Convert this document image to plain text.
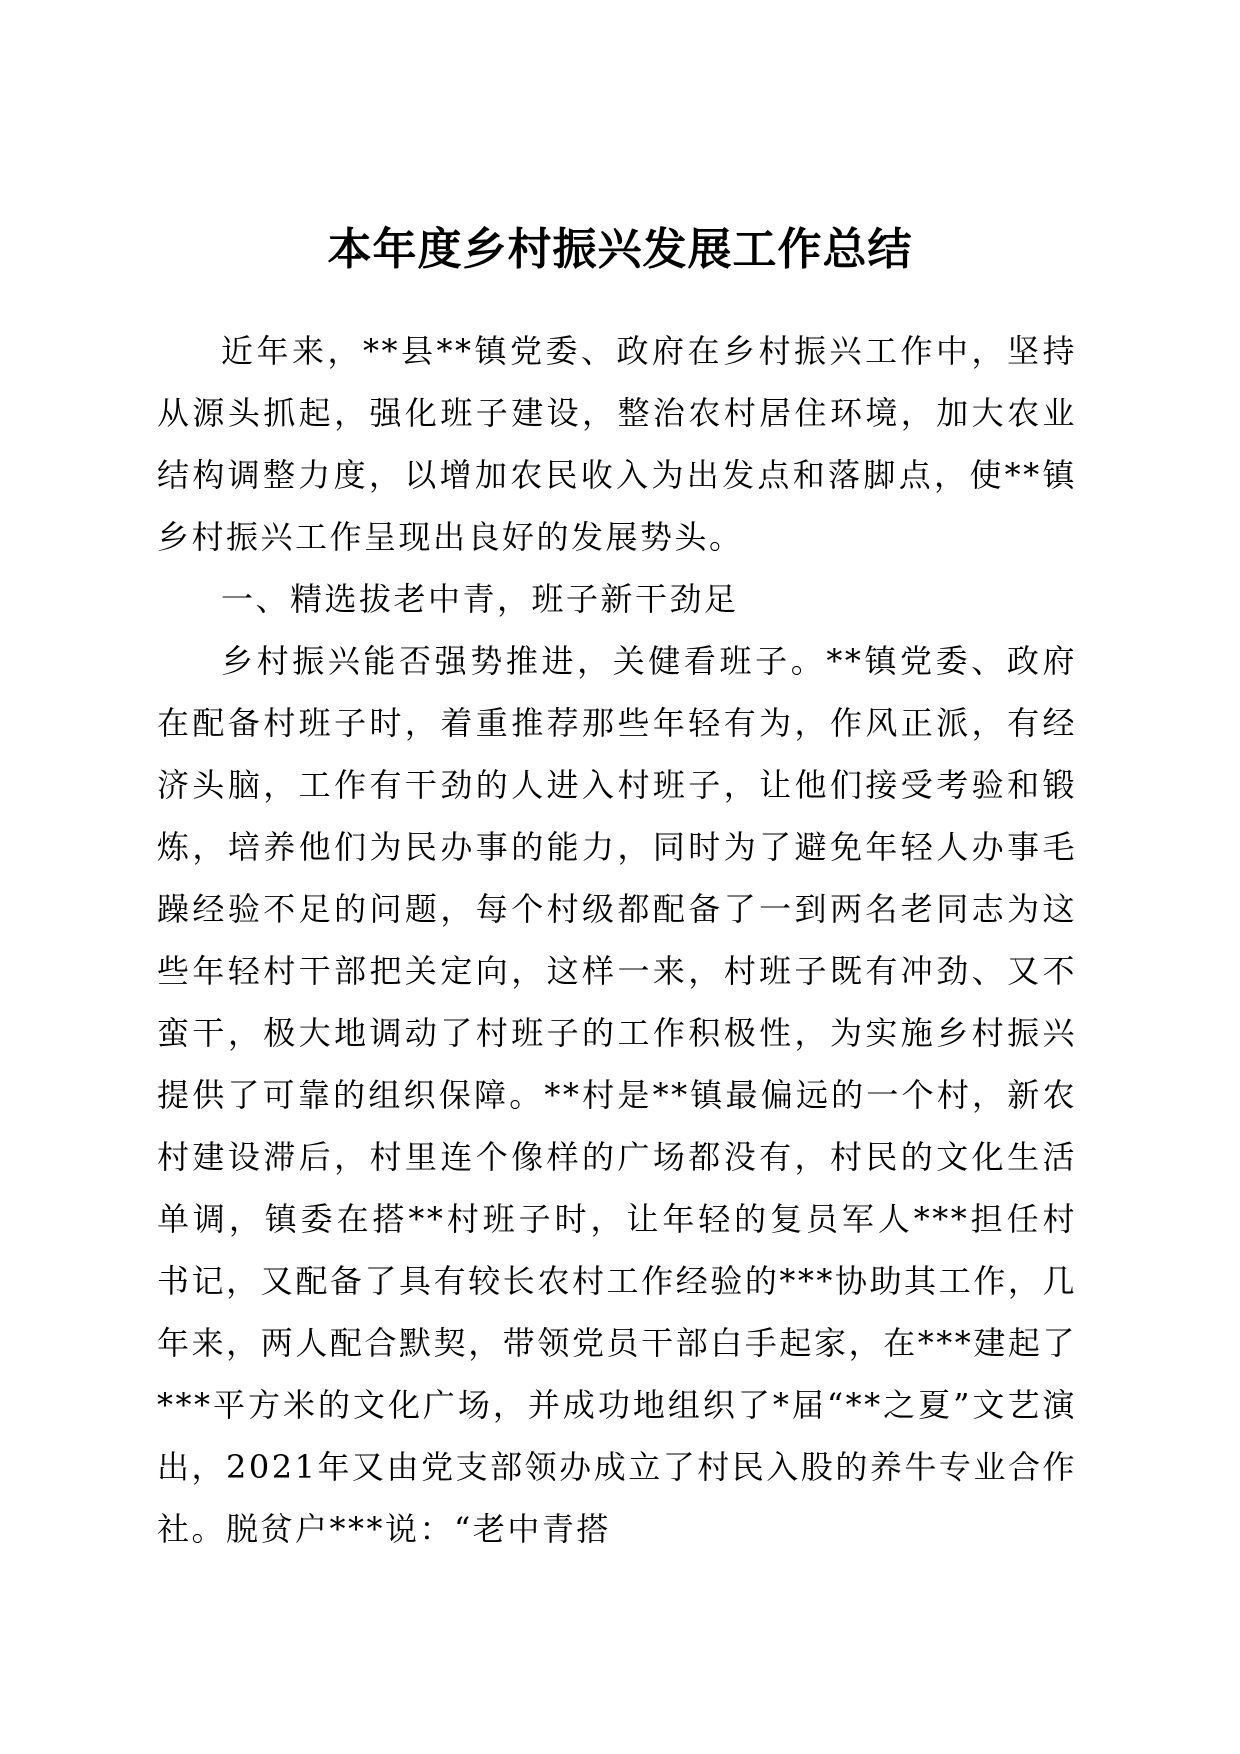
本年度乡村振兴发展工作总结

近年来，**县**镇党委、政府在乡村振兴工作中，坚持从源头抓起，强化班子建设，整治农村居住环境，加大农业结构调整力度，以增加农民收入为出发点和落脚点，使**镇乡村振兴工作呈现出良好的发展势头。

一、精选拔老中青，班子新干劲足

乡村振兴能否强势推进，关健看班子。**镇党委、政府在配备村班子时，着重推荐那些年轻有为，作风正派，有经济头脑，工作有干劲的人进入村班子，让他们接受考验和锻炼，培养他们为民办事的能力，同时为了避免年轻人办事毛躁经验不足的问题，每个村级都配备了一到两名老同志为这些年轻村干部把关定向，这样一来，村班子既有冲劲、又不蛮干，极大地调动了村班子的工作积极性，为实施乡村振兴提供了可靠的组织保障。**村是**镇最偏远的一个村，新农村建设滞后，村里连个像样的广场都没有，村民的文化生活单调，镇委在搭**村班子时，让年轻的复员军人***担任村书记，又配备了具有较长农村工作经验的***协助其工作，几年来，两人配合默契，带领党员干部白手起家，在***建起了***平方米的文化广场，并成功地组织了*届“**之夏”文艺演出，2021年又由党支部领办成立了村民入股的养牛专业合作社。脱贫户***说：“老中青搭
